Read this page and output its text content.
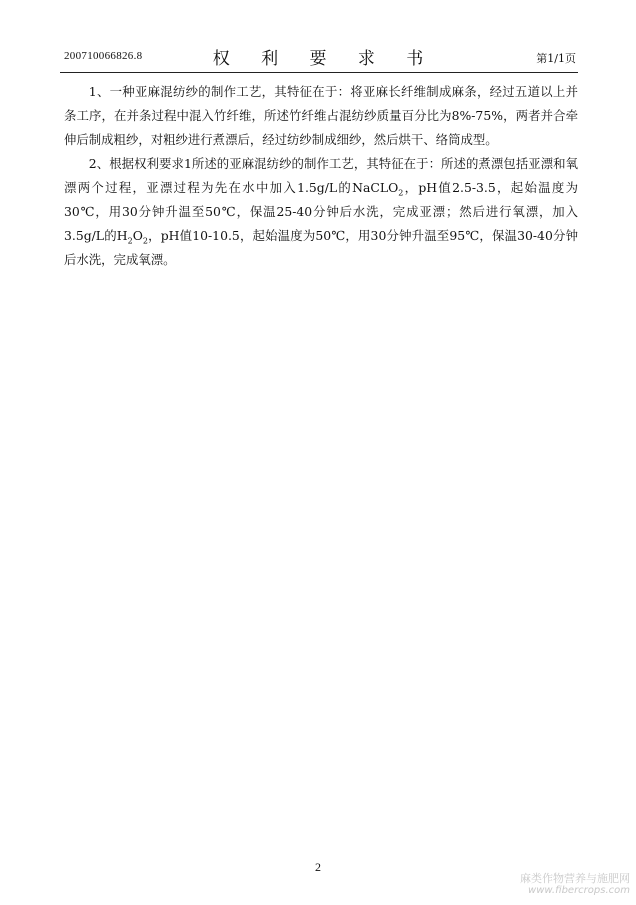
200710066826.8	权 利 要 求 书	第1/1页

1、一种亚麻混纺纱的制作工艺，其特征在于：将亚麻长纤维制成麻条，经过五道以上并条工序，在并条过程中混入竹纤维，所述竹纤维占混纺纱质量百分比为8%-75%，两者并合牵伸后制成粗纱，对粗纱进行煮漂后，经过纺纱制成细纱，然后烘干、络筒成型。

2、根据权利要求1所述的亚麻混纺纱的制作工艺，其特征在于：所述的煮漂包括亚漂和氧漂两个过程，亚漂过程为先在水中加入1.5g/L的NaCLO$_2$，pH值2.5-3.5，起始温度为30℃，用30分钟升温至50℃，保温25-40分钟后水洗，完成亚漂；然后进行氧漂，加入3.5g/L的$H_2O_2$，pH值10-10.5，起始温度为50℃，用30分钟升温至95℃，保温30-40分钟后水洗，完成氧漂。

2
麻类作物营养与施肥网
www.fibercrops.com
